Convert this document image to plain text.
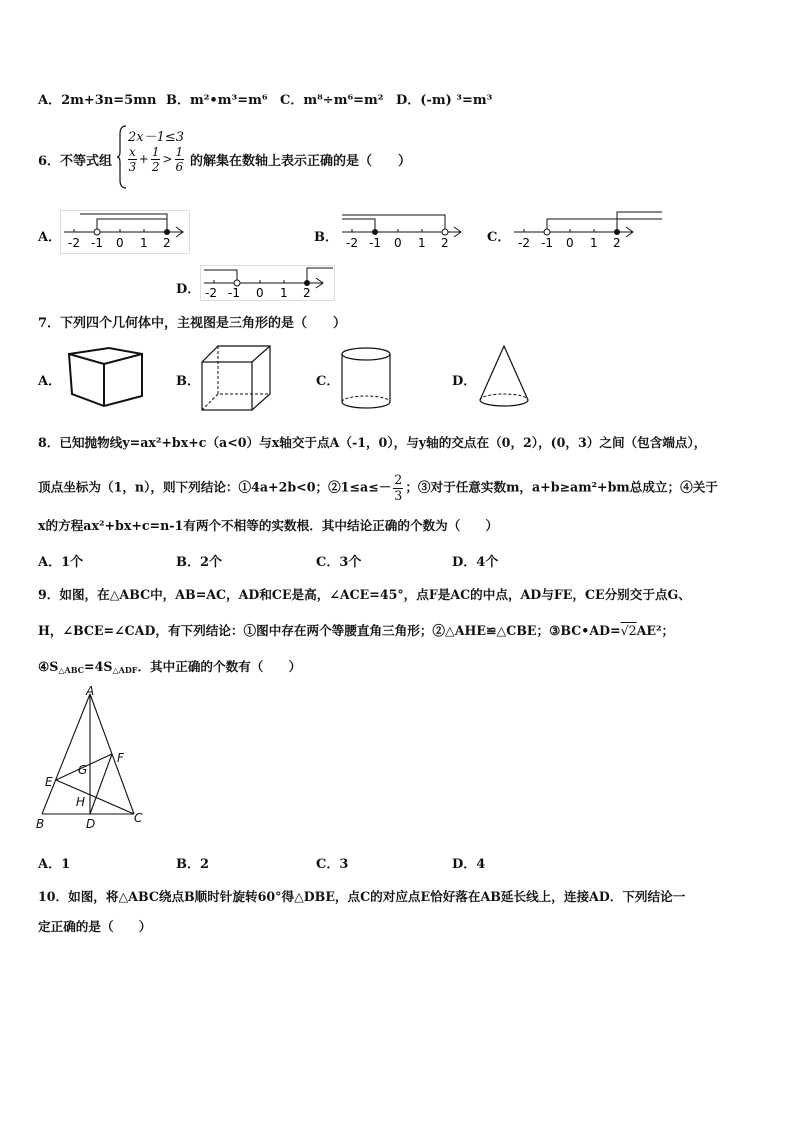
A．2m+3n=5mn B．m²•m³=m⁶ C．m⁸÷m⁶=m² D．(-m) ³=m³
6．不等式组
2x－1≤3
$\frac{x}{3} + \frac{1}{2} > \frac{1}{6}$ 的解集在数轴上表示正确的是（　　）
A．	B．	C．
D．
-2 -1 0 1 2	-2 -1 0 1 2	-2 -1 0 1 2
-2 -1 0 1 2
7．下列四个几何体中，主视图是三角形的是（　　）
A．	B．	C．	D．
8．已知抛物线y=ax²+bx+c（a<0）与x轴交于点A（-1，0），与y轴的交点在（0，2），(0，3）之间（包含端点），
顶点坐标为（1，n），则下列结论：①4a+2b<0；②1≤a≤－ $\frac{2}{3}$ ；③对于任意实数m，a+b≥am²+bm总成立；④关于
x的方程ax²+bx+c=n-1有两个不相等的实数根．其中结论正确的个数为（　　）
A．1个	B．2个	C．3个	D．4个
9．如图，在△ABC中，AB=AC，AD和CE是高，∠ACE=45°，点F是AC的中点，AD与FE，CE分别交于点G、
H，∠BCE=∠CAD，有下列结论：①图中存在两个等腰直角三角形；②△AHE≌△CBE；③BC•AD=√2AE²；
$④S_{\triangle ABC}=4S_{\triangle ADF}$．其中正确的个数有（　　）
A
B	C
D
E
F
G
H
A．1	B．2	C．3	D．4
10．如图，将△ABC绕点B顺时针旋转60°得△DBE，点C的对应点E恰好落在AB延长线上，连接AD．下列结论一
定正确的是（　　）
